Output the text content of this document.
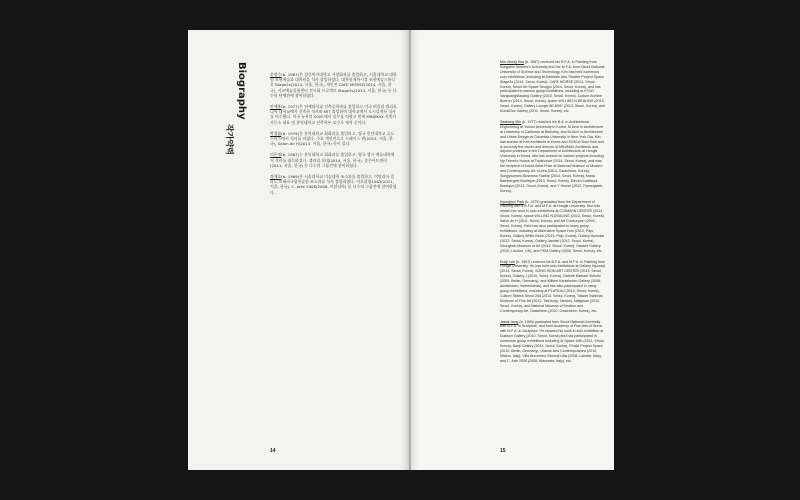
Biography
작가약력

문정수(b. 1987)은 성신여자대학교 서양화과를 졸업하고, 서울대학교 대학원 조형예술과 대학원을 석사 졸업하였다. 대학원재학시절 조형예술스튜디오 Stage2s(2014, 서울, 한국), 개인전 CAFE MORSE(2014, 서울, 한국), 서교예술실험센터 전시회 프로젝트 Stage2s(2014, 서울, 한국) 등 다수의 단체전에 참여하였다.

안세홍(b. 1977)은 연세대학교 건축공학과를 졸업하고 미국 버클리 캘리포니아 대학교에서 건축학 석사와 MIT 졸업하여 대학교에서 도시설계학 석사를 이수했다. 미국 뉴욕의 SOM 에서 실무를 익혔고 현재 MINIMAX 건축사사무소 대표 및 홍익대학교 건축학부 교수로 재직 중이다.

박경률(b. 1979)은 홍익대학교 회화과를 졸업하고, 영국 런던대학교 골드스미스에서 석사를 마쳤다. 주요 개인전으로 스페이스 캔(2015, 서울, 한국), Salon de H(2013, 서울, 한국) 등이 있다.

이은정(b. 1967)는 홍익대학교 회화과를 졸업하고, 영국 첼시 예술대학에서 석사를 취득하였다. 갤러리 현대(2014, 서울, 한국), 송은아트센터(2013, 서울, 한국) 등 다수의 그룹전에 참여하였다.

정재호(b. 1969)은 서울대학교 미술대학 조소과를 졸업하고, 이탈리아 밀라노 브레라국립미술원 조소과를 석사 졸업하였다. 아트클럽1563(2011, 서울, 한국), C. Arte 2008(2008, 이탈리아) 등 다수의 그룹전에 참여하였다.

Min Jeong Soo (b. 1987) received her B.F.A. in Painting from Sungshin Women's University and her M.F.A. from Seoul National University of Science and Technology. Kim has held numerous solo exhibitions, including at Darkside Arts Theatre Project Space Stage2s (2014, Seoul, Korea), CAFE MORSE (2014, Seoul, Korea), Seoul Art Space Seogyo (2014, Seoul, Korea), and has participated in various group exhibitions, including at KT&G SangsangMadang Gallery (2015, Seoul, Korea), Culture Archive Bueron (2014, Seoul, Korea), space WILLING N DEALING (2013, Seoul, Korea), Gallery Lounge 8E-MVE (2013, Seoul, Korea), and KunstDoc Gallery (2011, Seoul, Korea), etc.

Seahong Min (b. 1977) received his B.A. in Architectural Engineering at Yonsei University in Korea, M.Arch in Architecture at University of California at Berkeley, and M.Arch in Architecture and Urban Design at Columbia University in New York City. Min has worked at Kim Architects in Korea and SOM in New York and is currently the owner and director of MINIMAX Architects and adjunct professor in the Department of Architecture at Hongik University in Korea. Min has worked on various projects including My Friend's House at Topshouse (2014, Seoul, Korea), and was the recipient of Korea Artist Prize at National Museum of Modern and Contemporary Art, Korea (2014, Gwacheon, Korea), Sungyeonseo Business Facility (2014, Seoul, Korea), Maria Bambergele Boutique (2013, Seoul, Korea), Eleven Lattesoul Boutique (2013, Seoul, Korea), and Y House (2012, Pyeongtaek, Korea).

Kyungtyul Park (b. 1979) graduated from the Department of Painting with a B.F.A. and M.F.A. at Hongik University. She has shown her work in solo exhibitions at COMMON CENTER (2014, Seoul, Korea), space WILLING N DEALING (2013, Seoul, Korea), Salon de H (2011, Seoul, Korea), and Art Chosunpan (2009, Seoul, Korea). Park has also participated in many group exhibitions, including at Alternative Space Hun (2013, Paju, Korea), Gallery White Block (2013, Paju, Korea), Gallery Hyundai (2012, Seoul, Korea), Gallery Jandari (2012, Seoul, Korea), Seongbuk Museum of Art (2011, Seoul, Korea), Saatchi Gallery (2010, London, UK), and PKM Gallery (2008, Seoul, Korea), etc.

Eunji Lee (b. 1967) received his B.F.A. and M.F.A. in Painting from Hongik University. He has held solo exhibitions at Gallery Hyundai (2014, Seoul, Korea), SONG WON ART CENTER (2013, Seoul, Korea), Gallery J (2010, Seoul, Korea), Galerie Michael Schultz (2009, Berlin, Germany), and Willem Kerseboom Gallery (2008, Amsterdam, Netherlands), and has also participated in many group exhibitions, including at PLATEAU (2014, Seoul, Korea), Culture Station Seoul 284 (2013, Seoul, Korea), Taiwan National Museum of Fine Art (2012, Taichung, Taiwan), Nakgwan (2012, Seoul, Korea), and National Museum of Modern and Contemporary Art, Gwacheon (2010, Gwacheon, Korea), etc.

Jaeuk Jung (b. 1969) graduated from Seoul National University with B.F.A. in Sculpture, and from Academy of Fine Arts of Brera with M.F.A. in Sculpture. He showed his work in solo exhibition at Dukwon Gallery (2010, Seoul, Korea) and has participated in numerous group exhibitions including at Space 15th (2011, Seoul, Korea), Nanji Gallery (2011, Seoul, Korea), ProArt Project Space (2010, Berlin, Germany), Gianne Arts Contemporanea (2010, Milano, Italy), Villa Borromeo Visconti Litta (2008, Lainate, Italy), and C. Arte 2008 (2008, Macerata, Italy), etc.

14	15
